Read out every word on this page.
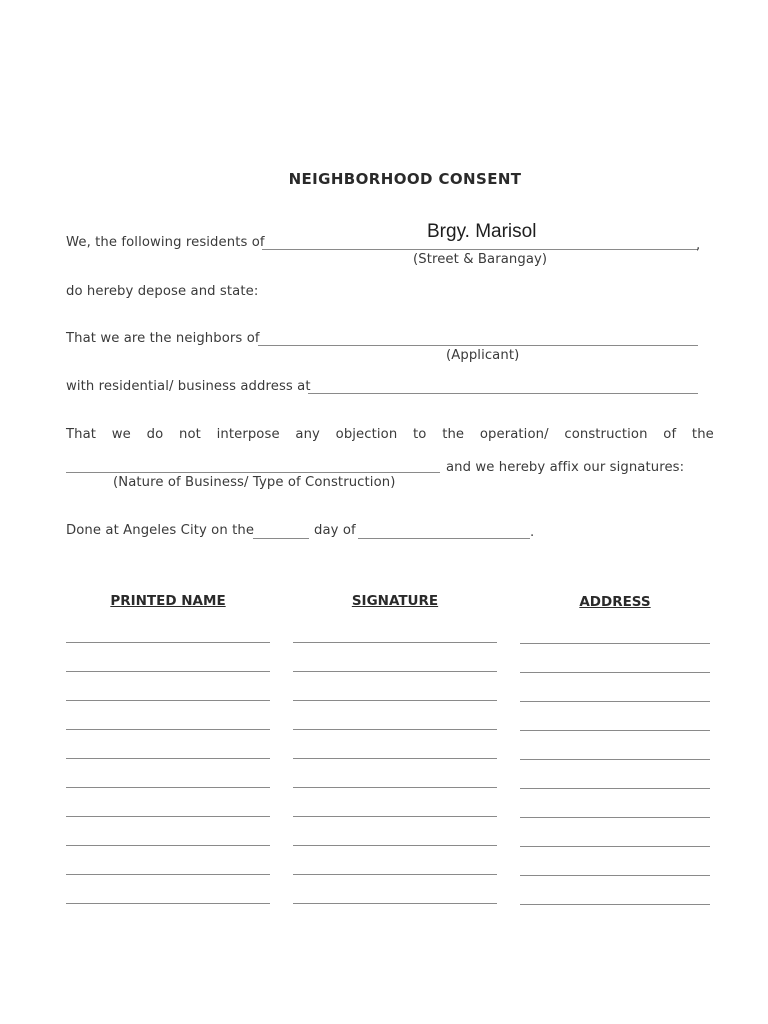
NEIGHBORHOOD CONSENT
We, the following residents of
Brgy. Marisol
,
(Street & Barangay)
do hereby depose and state:
That we are the neighbors of
(Applicant)
with residential/ business address at
That we do not interpose any objection to the operation/ construction of the
and we hereby affix our signatures:
(Nature of Business/ Type of Construction)
Done at Angeles City on the	day of	.
PRINTED NAME	SIGNATURE	ADDRESS
